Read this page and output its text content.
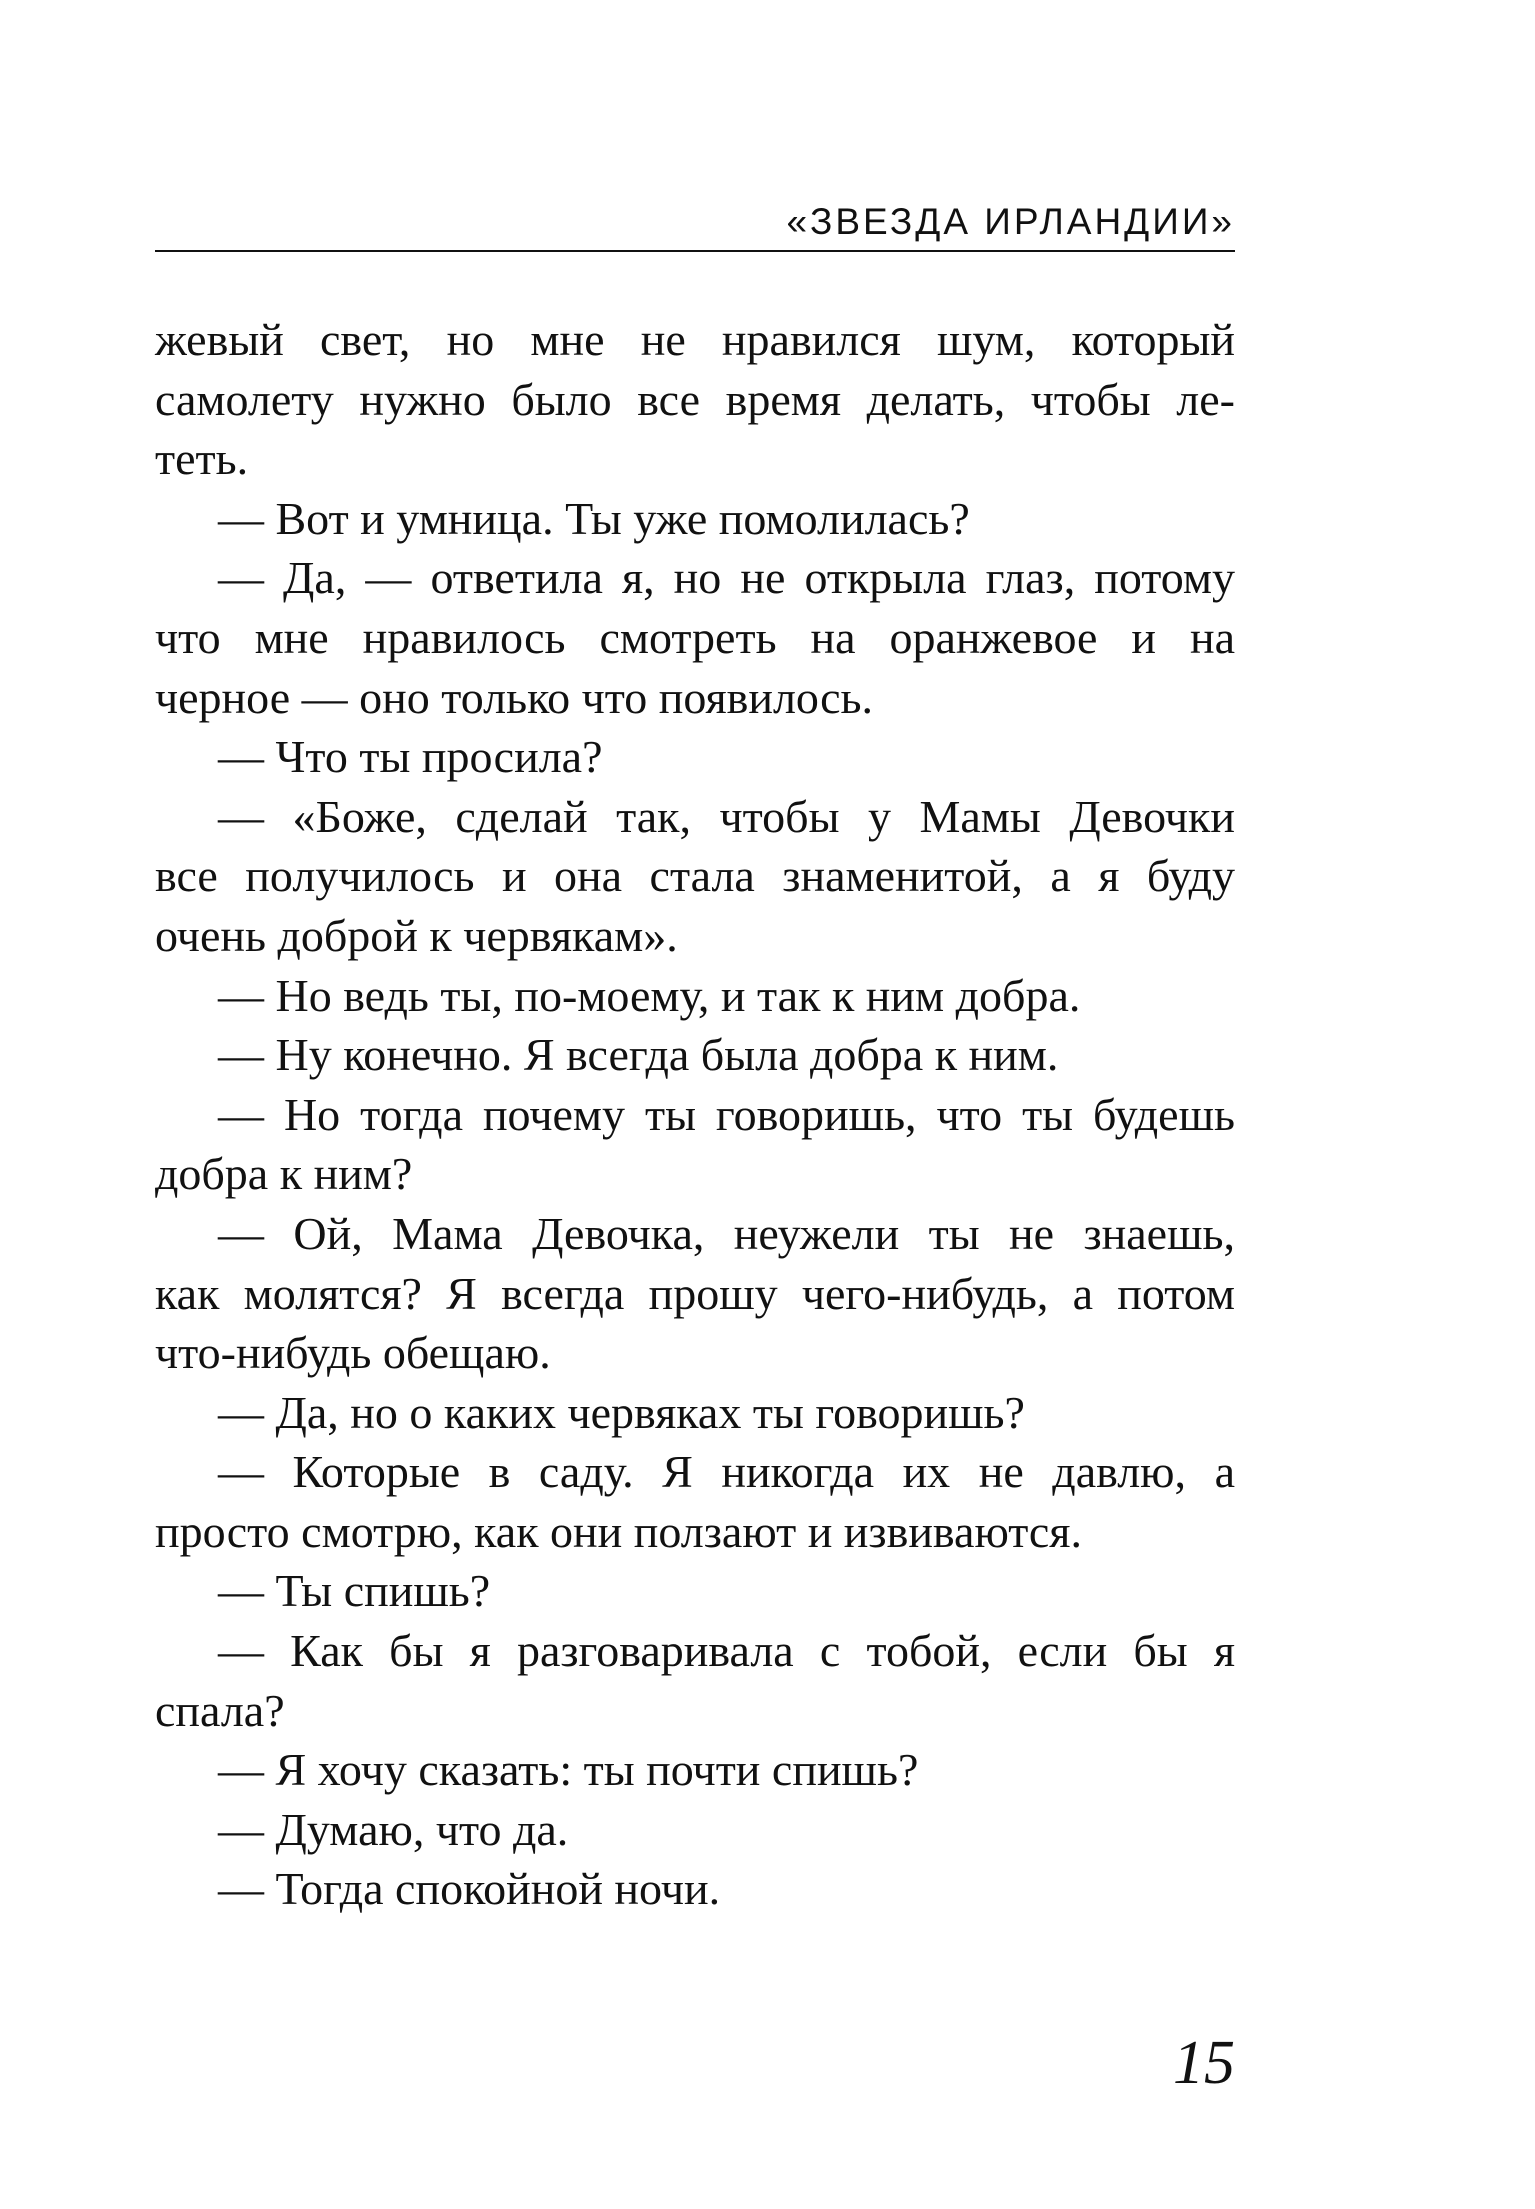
«ЗВЕЗДА ИРЛАНДИИ»
жевый свет, но мне не нравился шум, который
самолету нужно было все время делать, чтобы ле-
теть.
— Вот и умница. Ты уже помолилась?
— Да, — ответила я, но не открыла глаз, потому
что мне нравилось смотреть на оранжевое и на
черное — оно только что появилось.
— Что ты просила?
— «Боже, сделай так, чтобы у Мамы Девочки
все получилось и она стала знаменитой, а я буду
очень доброй к червякам».
— Но ведь ты, по-моему, и так к ним добра.
— Ну конечно. Я всегда была добра к ним.
— Но тогда почему ты говоришь, что ты будешь
добра к ним?
— Ой, Мама Девочка, неужели ты не знаешь,
как молятся? Я всегда прошу чего-нибудь, а потом
что-нибудь обещаю.
— Да, но о каких червяках ты говоришь?
— Которые в саду. Я никогда их не давлю, а
просто смотрю, как они ползают и извиваются.
— Ты спишь?
— Как бы я разговаривала с тобой, если бы я
спала?
— Я хочу сказать: ты почти спишь?
— Думаю, что да.
— Тогда спокойной ночи.
15
